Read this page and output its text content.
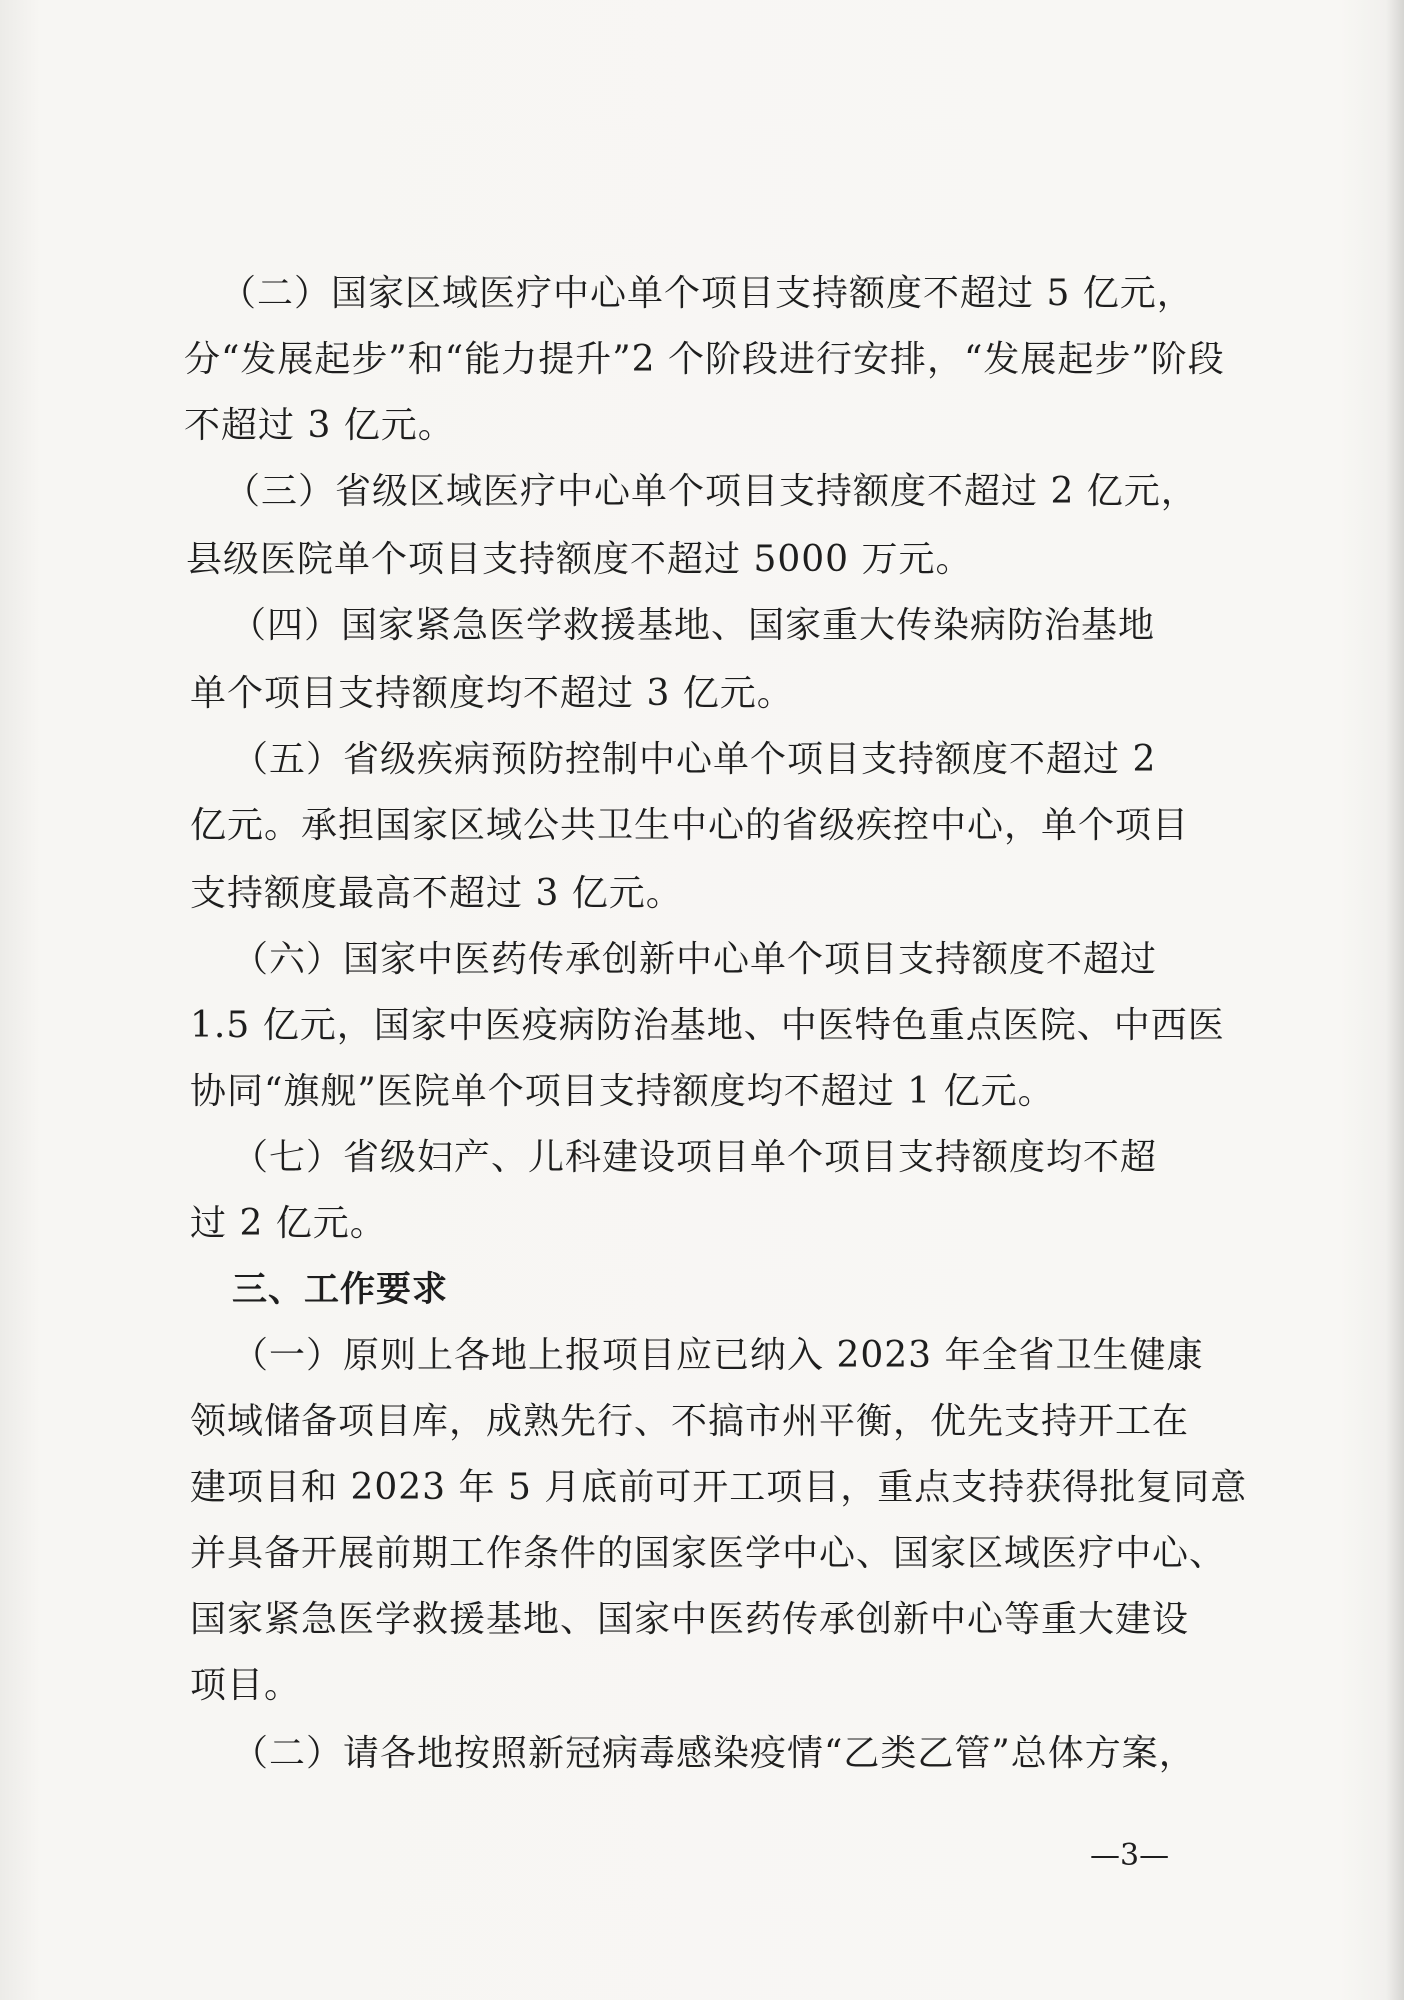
（二）国家区域医疗中心单个项目支持额度不超过 5 亿元，
分“发展起步”和“能力提升”2 个阶段进行安排，“发展起步”阶段
不超过 3 亿元。
（三）省级区域医疗中心单个项目支持额度不超过 2 亿元，
县级医院单个项目支持额度不超过 5000 万元。
（四）国家紧急医学救援基地、国家重大传染病防治基地
单个项目支持额度均不超过 3 亿元。
（五）省级疾病预防控制中心单个项目支持额度不超过 2
亿元。承担国家区域公共卫生中心的省级疾控中心，单个项目
支持额度最高不超过 3 亿元。
（六）国家中医药传承创新中心单个项目支持额度不超过
1.5 亿元，国家中医疫病防治基地、中医特色重点医院、中西医
协同“旗舰”医院单个项目支持额度均不超过 1 亿元。
（七）省级妇产、儿科建设项目单个项目支持额度均不超
过 2 亿元。
三、工作要求
（一）原则上各地上报项目应已纳入 2023 年全省卫生健康
领域储备项目库，成熟先行、不搞市州平衡，优先支持开工在
建项目和 2023 年 5 月底前可开工项目，重点支持获得批复同意
并具备开展前期工作条件的国家医学中心、国家区域医疗中心、
国家紧急医学救援基地、国家中医药传承创新中心等重大建设
项目。
（二）请各地按照新冠病毒感染疫情“乙类乙管”总体方案，
—3—
